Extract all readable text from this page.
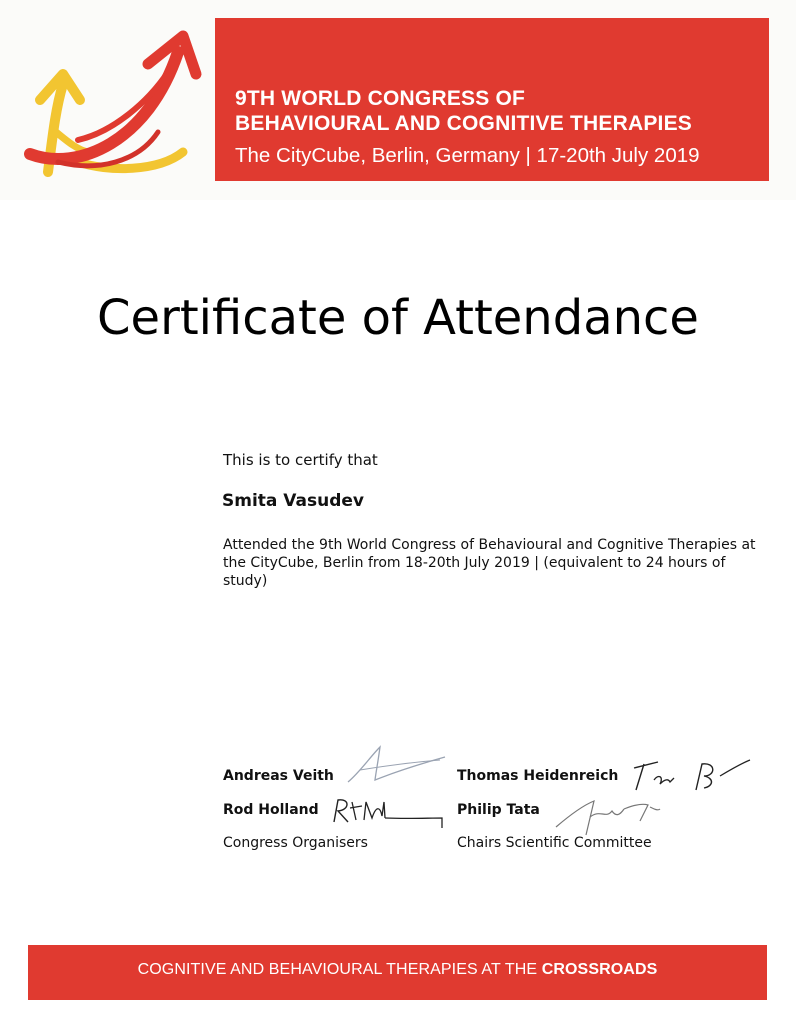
9TH WORLD CONGRESS OF
BEHAVIOURAL AND COGNITIVE THERAPIES
The CityCube, Berlin, Germany | 17-20th July 2019
Certificate of Attendance
This is to certify that
Smita Vasudev
Attended the 9th World Congress of Behavioural and Cognitive Therapies at the CityCube, Berlin from 18-20th July 2019 | (equivalent to 24 hours of study)
Andreas Veith
Rod Holland
Congress Organisers
Thomas Heidenreich
Philip Tata
Chairs Scientific Committee
COGNITIVE AND BEHAVIOURAL THERAPIES AT THE CROSSROADS
